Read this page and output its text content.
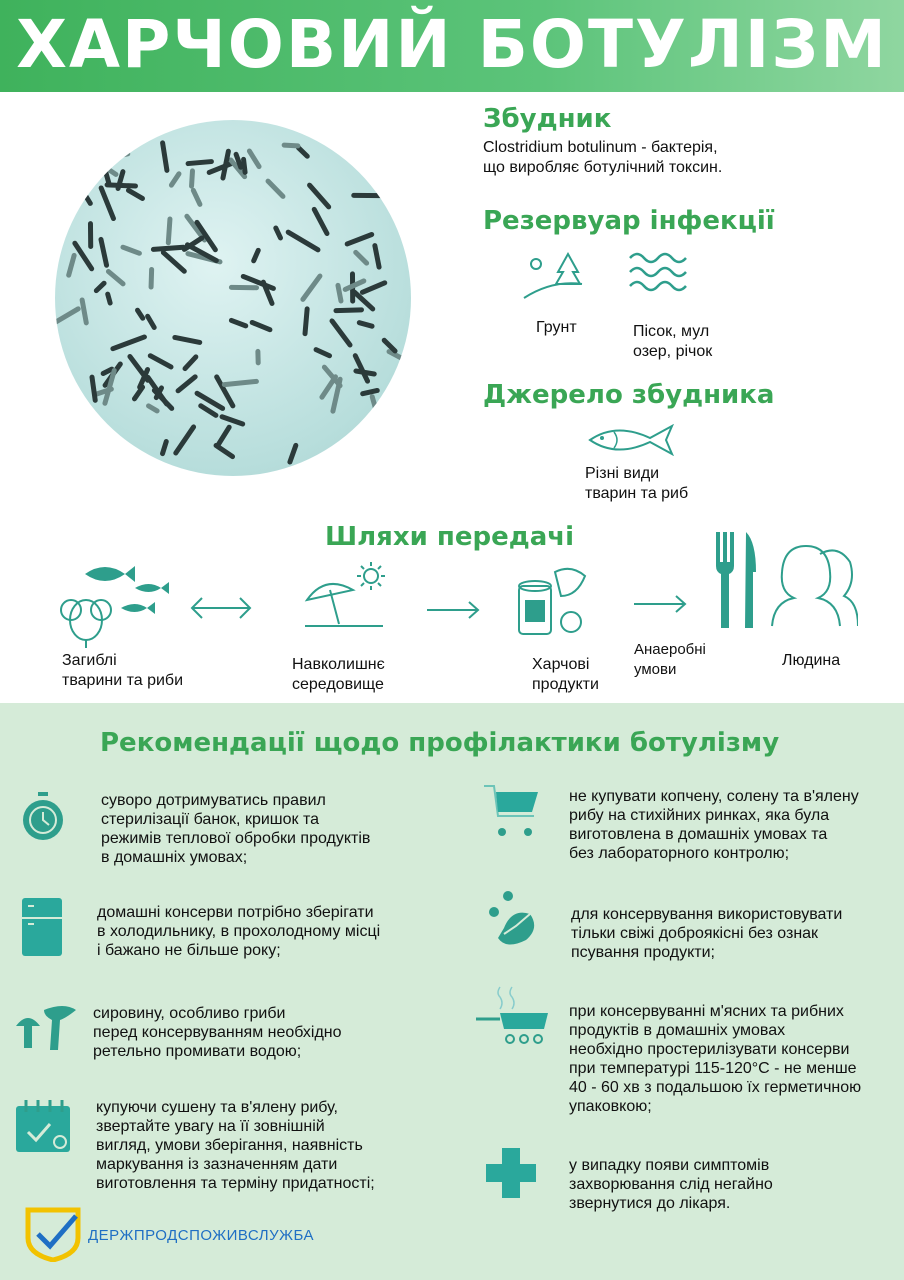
ХАРЧОВИЙ БОТУЛІЗМ
Збудник
Clostridium botulinum - бактерія,
що виробляє ботулічний токсин.
Резервуар інфекції
Грунт	Пісок, мул
озер, річок
Джерело збудника
Різні види
тварин та риб
Шляхи передачі
Загиблі
тварини та риби
Навколишнє
середовище
Харчові
продукти
Анаеробні
умови
Людина
Рекомендації щодо профілактики ботулізму
суворо дотримуватись правил
стерилізації банок, кришок та
режимів теплової обробки продуктів
в домашніх умовах;
домашні консерви потрібно зберігати
в холодильнику, в прохолодному місці
і бажано не більше року;
сировину, особливо гриби
перед консервуванням необхідно
ретельно промивати водою;
купуючи сушену та в'ялену рибу,
звертайте увагу на її зовнішній
вигляд, умови зберігання, наявність
маркування із зазначенням дати
виготовлення та терміну придатності;
не купувати копчену, солену та в'ялену
рибу на стихійних ринках, яка була
виготовлена в домашніх умовах та
без лабораторного контролю;
для консервування використовувати
тільки свіжі доброякісні без ознак
псування продукти;
при консервуванні м'ясних та рибних
продуктів в домашніх умовах
необхідно простерилізувати консерви
при температурі 115-120°С - не менше
40 - 60 хв з подальшою їх герметичною
упаковкою;
у випадку появи симптомів
захворювання слід негайно
звернутися до лікаря.
ДЕРЖПРОДСПОЖИВСЛУЖБА
